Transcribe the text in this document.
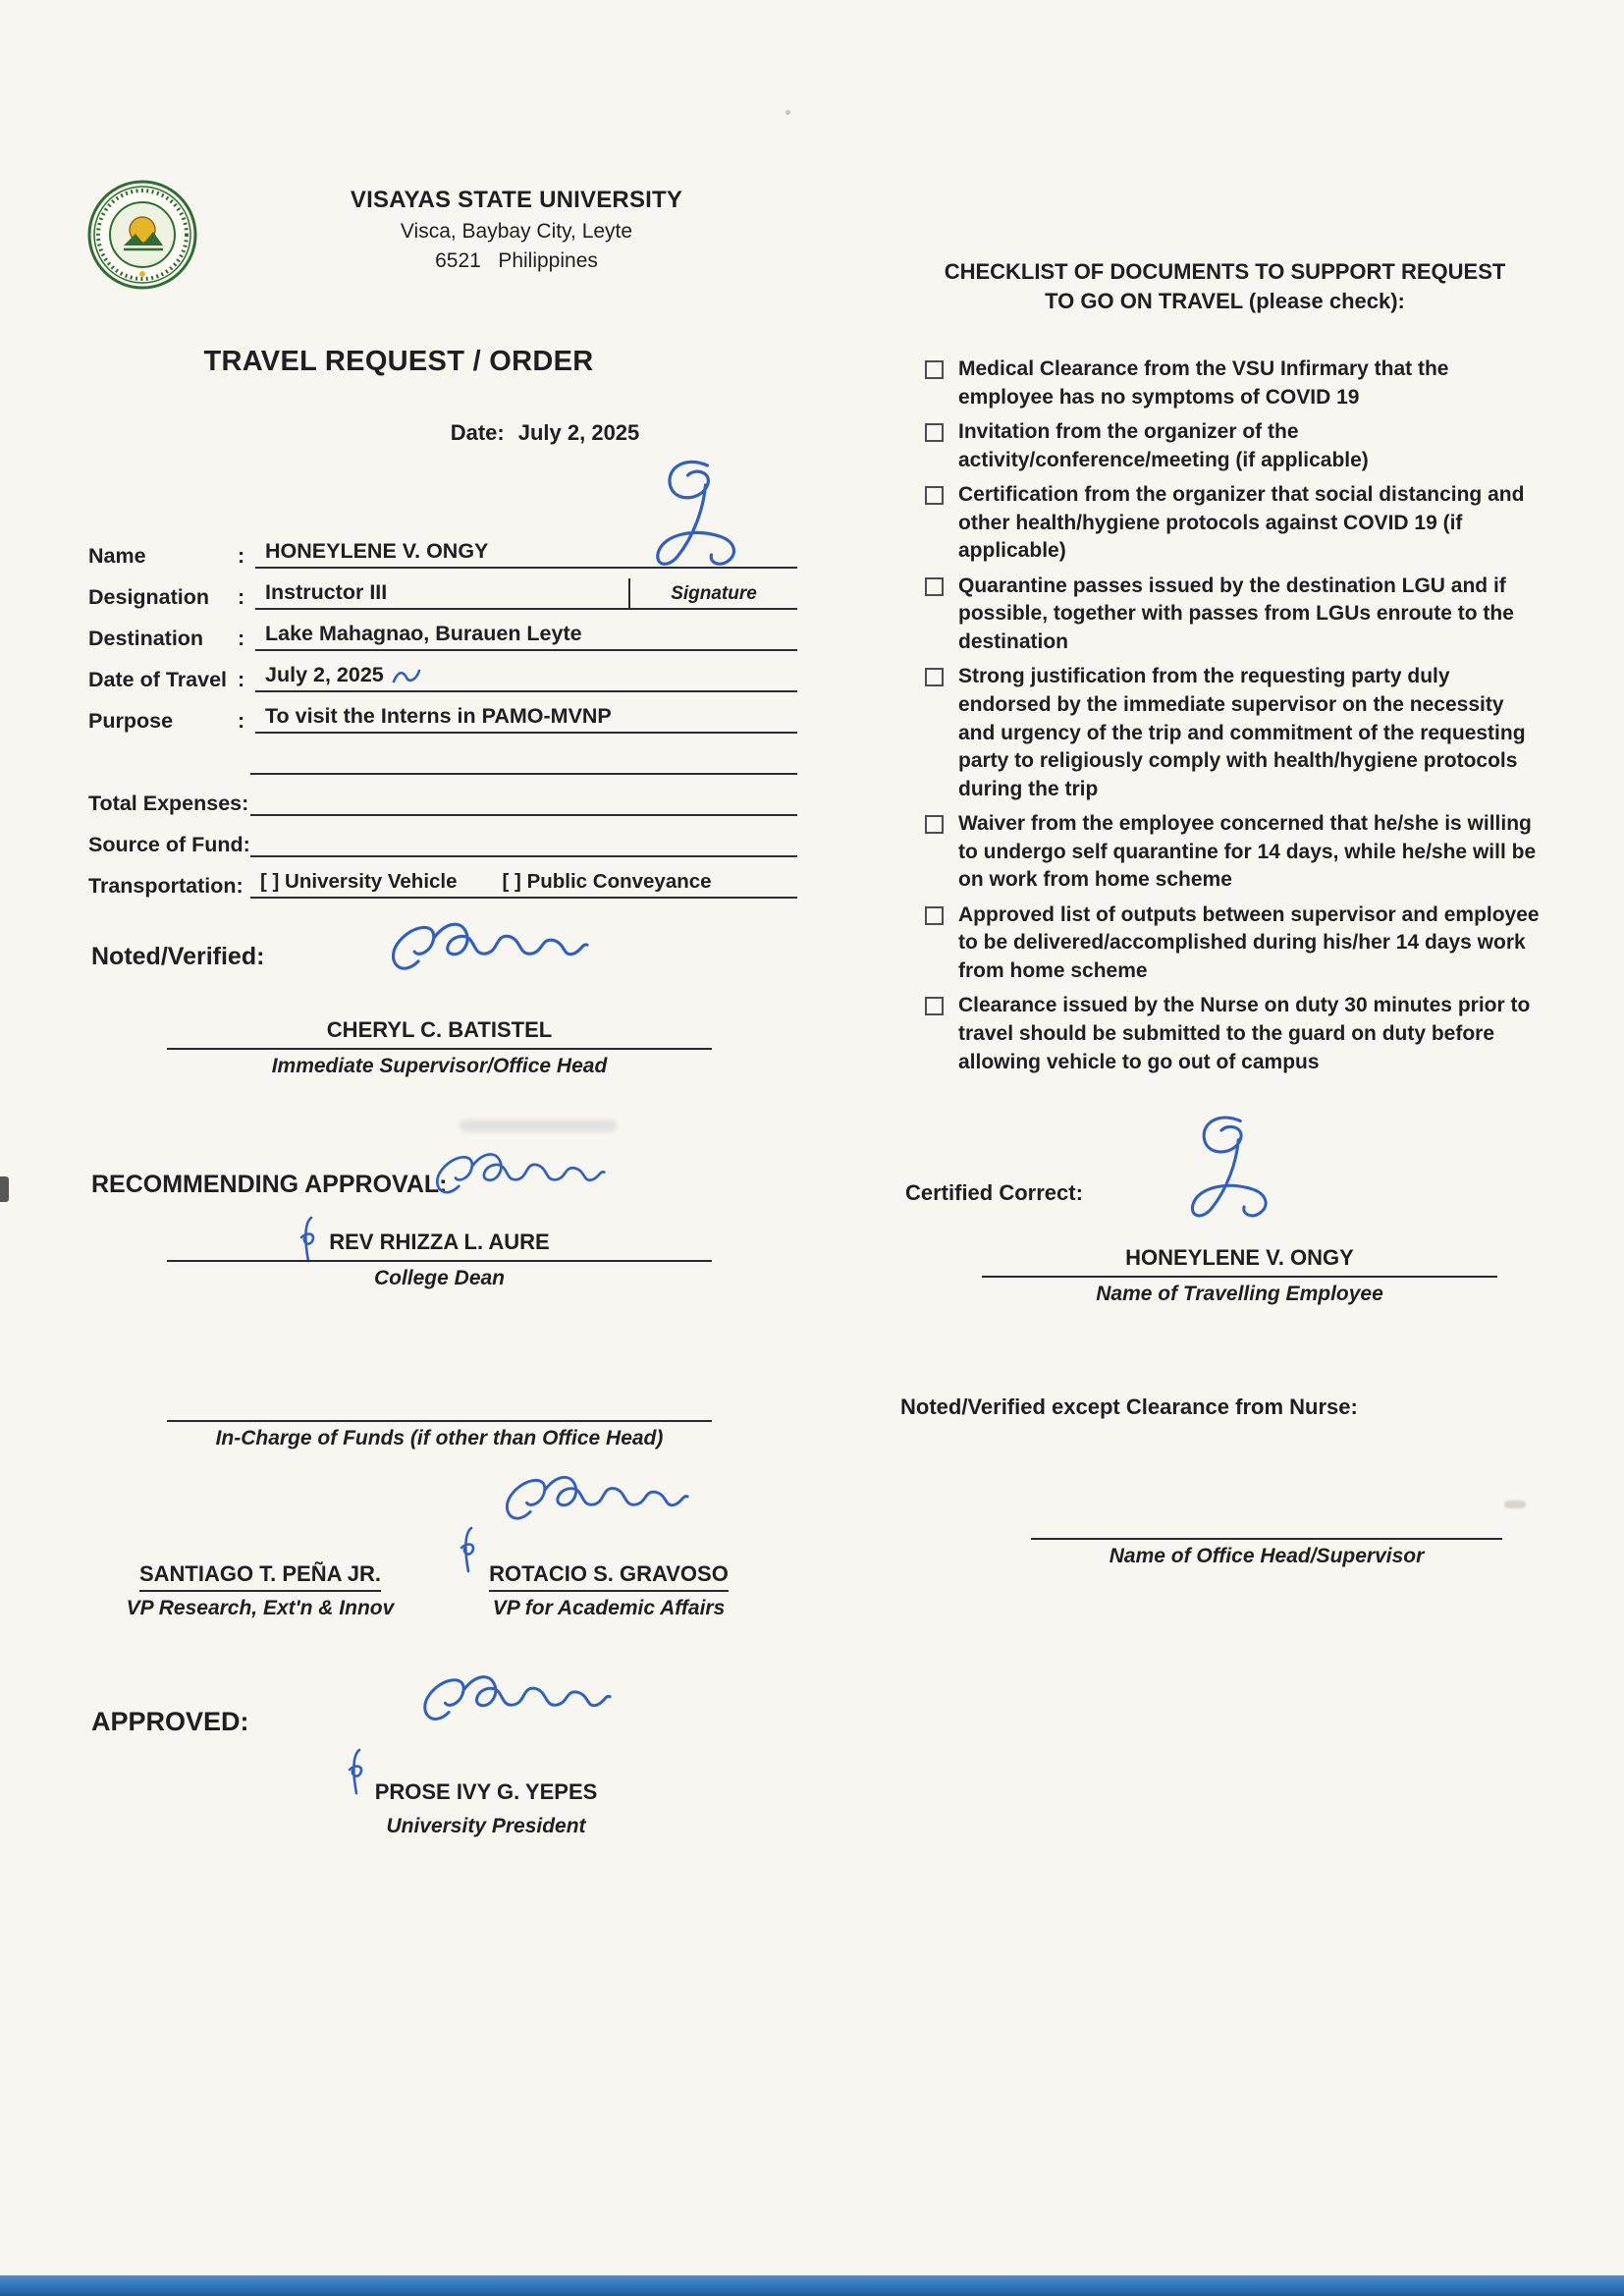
VISAYAS STATE UNIVERSITY
Visca, Baybay City, Leyte
6521   Philippines
TRAVEL REQUEST / ORDER
Date: July 2, 2025
Name	: HONEYLENE V. ONGY
Designation	: Instructor III	Signature
Destination	: Lake Mahagnao, Burauen Leyte
Date of Travel : July 2, 2025
Purpose	: To visit the Interns in PAMO-MVNP
Total Expenses:
Source of Fund:
Transportation: [ ] University Vehicle [ ] Public Conveyance
Noted/Verified:
CHERYL C. BATISTEL
Immediate Supervisor/Office Head
RECOMMENDING APPROVAL:
REV RHIZZA L. AURE
College Dean
In-Charge of Funds (if other than Office Head)
SANTIAGO T. PEÑA JR.
VP Research, Ext'n & Innov
ROTACIO S. GRAVOSO
VP for Academic Affairs
APPROVED:
PROSE IVY G. YEPES
University President
CHECKLIST OF DOCUMENTS TO SUPPORT REQUEST
TO GO ON TRAVEL (please check):
Medical Clearance from the VSU Infirmary that the employee has no symptoms of COVID 19
Invitation from the organizer of the activity/conference/meeting (if applicable)
Certification from the organizer that social distancing and other health/hygiene protocols against COVID 19 (if applicable)
Quarantine passes issued by the destination LGU and if possible, together with passes from LGUs enroute to the destination
Strong justification from the requesting party duly endorsed by the immediate supervisor on the necessity and urgency of the trip and commitment of the requesting party to religiously comply with health/hygiene protocols during the trip
Waiver from the employee concerned that he/she is willing to undergo self quarantine for 14 days, while he/she will be on work from home scheme
Approved list of outputs between supervisor and employee to be delivered/accomplished during his/her 14 days work from home scheme
Clearance issued by the Nurse on duty 30 minutes prior to travel should be submitted to the guard on duty before allowing vehicle to go out of campus
Certified Correct:
HONEYLENE V. ONGY
Name of Travelling Employee
Noted/Verified except Clearance from Nurse:
Name of Office Head/Supervisor
